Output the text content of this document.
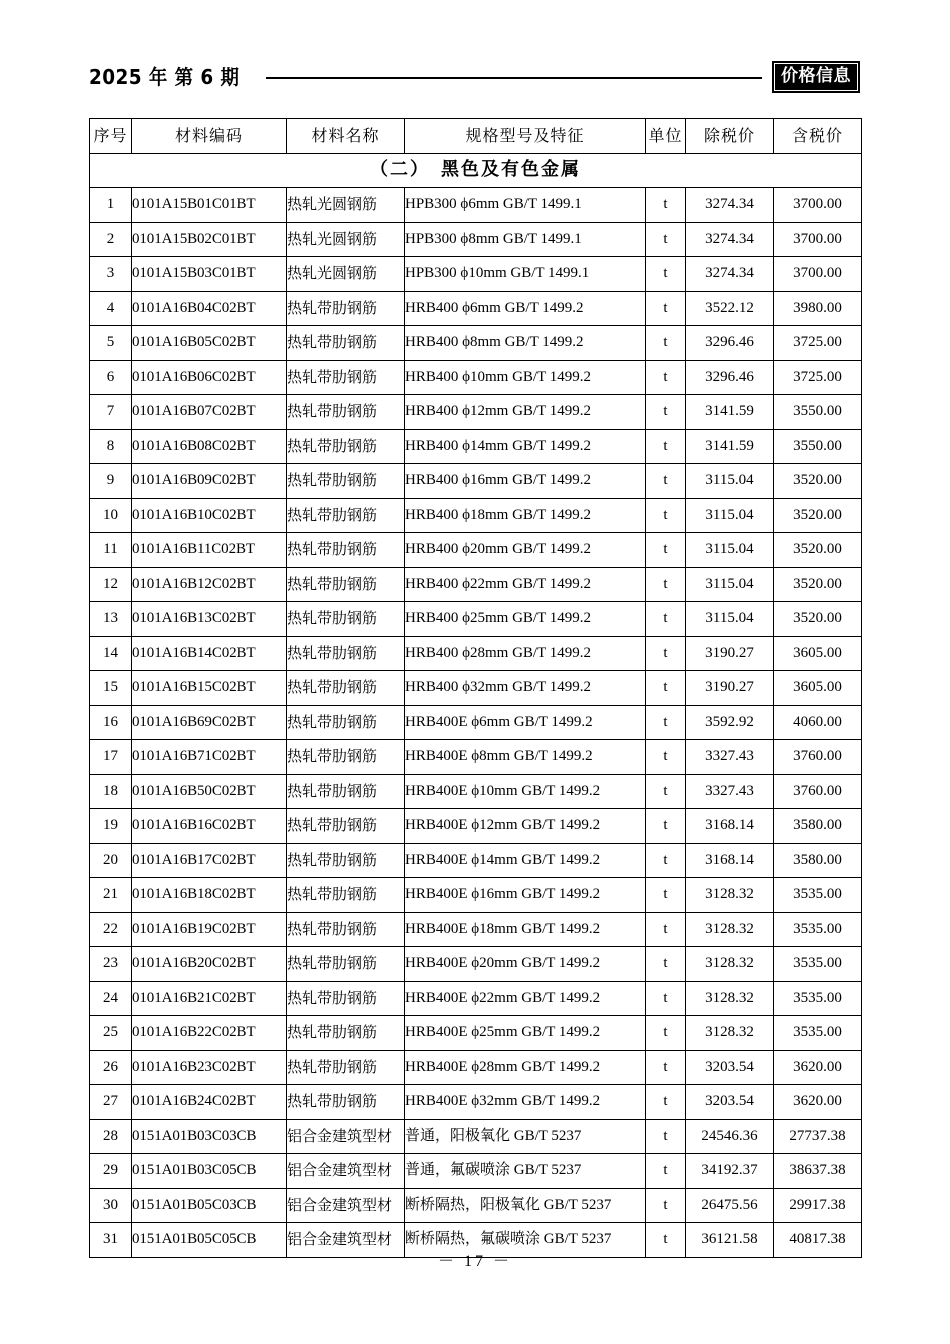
2025 年 第 6 期	价格信息
序号	材料编码	材料名称	规格型号及特征	单位	除税价	含税价
（二）　黑色及有色金属						
1	0101A15B01C01BT	热轧光圆钢筋	HPB300 ϕ6mm GB/T 1499.1	t	3274.34	3700.00
2	0101A15B02C01BT	热轧光圆钢筋	HPB300 ϕ8mm GB/T 1499.1	t	3274.34	3700.00
3	0101A15B03C01BT	热轧光圆钢筋	HPB300 ϕ10mm GB/T 1499.1	t	3274.34	3700.00
4	0101A16B04C02BT	热轧带肋钢筋	HRB400 ϕ6mm GB/T 1499.2	t	3522.12	3980.00
5	0101A16B05C02BT	热轧带肋钢筋	HRB400 ϕ8mm GB/T 1499.2	t	3296.46	3725.00
6	0101A16B06C02BT	热轧带肋钢筋	HRB400 ϕ10mm GB/T 1499.2	t	3296.46	3725.00
7	0101A16B07C02BT	热轧带肋钢筋	HRB400 ϕ12mm GB/T 1499.2	t	3141.59	3550.00
8	0101A16B08C02BT	热轧带肋钢筋	HRB400 ϕ14mm GB/T 1499.2	t	3141.59	3550.00
9	0101A16B09C02BT	热轧带肋钢筋	HRB400 ϕ16mm GB/T 1499.2	t	3115.04	3520.00
10	0101A16B10C02BT	热轧带肋钢筋	HRB400 ϕ18mm GB/T 1499.2	t	3115.04	3520.00
11	0101A16B11C02BT	热轧带肋钢筋	HRB400 ϕ20mm GB/T 1499.2	t	3115.04	3520.00
12	0101A16B12C02BT	热轧带肋钢筋	HRB400 ϕ22mm GB/T 1499.2	t	3115.04	3520.00
13	0101A16B13C02BT	热轧带肋钢筋	HRB400 ϕ25mm GB/T 1499.2	t	3115.04	3520.00
14	0101A16B14C02BT	热轧带肋钢筋	HRB400 ϕ28mm GB/T 1499.2	t	3190.27	3605.00
15	0101A16B15C02BT	热轧带肋钢筋	HRB400 ϕ32mm GB/T 1499.2	t	3190.27	3605.00
16	0101A16B69C02BT	热轧带肋钢筋	HRB400E ϕ6mm GB/T 1499.2	t	3592.92	4060.00
17	0101A16B71C02BT	热轧带肋钢筋	HRB400E ϕ8mm GB/T 1499.2	t	3327.43	3760.00
18	0101A16B50C02BT	热轧带肋钢筋	HRB400E ϕ10mm GB/T 1499.2	t	3327.43	3760.00
19	0101A16B16C02BT	热轧带肋钢筋	HRB400E ϕ12mm GB/T 1499.2	t	3168.14	3580.00
20	0101A16B17C02BT	热轧带肋钢筋	HRB400E ϕ14mm GB/T 1499.2	t	3168.14	3580.00
21	0101A16B18C02BT	热轧带肋钢筋	HRB400E ϕ16mm GB/T 1499.2	t	3128.32	3535.00
22	0101A16B19C02BT	热轧带肋钢筋	HRB400E ϕ18mm GB/T 1499.2	t	3128.32	3535.00
23	0101A16B20C02BT	热轧带肋钢筋	HRB400E ϕ20mm GB/T 1499.2	t	3128.32	3535.00
24	0101A16B21C02BT	热轧带肋钢筋	HRB400E ϕ22mm GB/T 1499.2	t	3128.32	3535.00
25	0101A16B22C02BT	热轧带肋钢筋	HRB400E ϕ25mm GB/T 1499.2	t	3128.32	3535.00
26	0101A16B23C02BT	热轧带肋钢筋	HRB400E ϕ28mm GB/T 1499.2	t	3203.54	3620.00
27	0101A16B24C02BT	热轧带肋钢筋	HRB400E ϕ32mm GB/T 1499.2	t	3203.54	3620.00
28	0151A01B03C03CB	铝合金建筑型材	普通，阳极氧化 GB/T 5237	t	24546.36	27737.38
29	0151A01B03C05CB	铝合金建筑型材	普通，氟碳喷涂 GB/T 5237	t	34192.37	38637.38
30	0151A01B05C03CB	铝合金建筑型材	断桥隔热，阳极氧化 GB/T 5237	t	26475.56	29917.38
31	0151A01B05C05CB	铝合金建筑型材	断桥隔热，氟碳喷涂 GB/T 5237	t	36121.58	40817.38
－ 17 －
